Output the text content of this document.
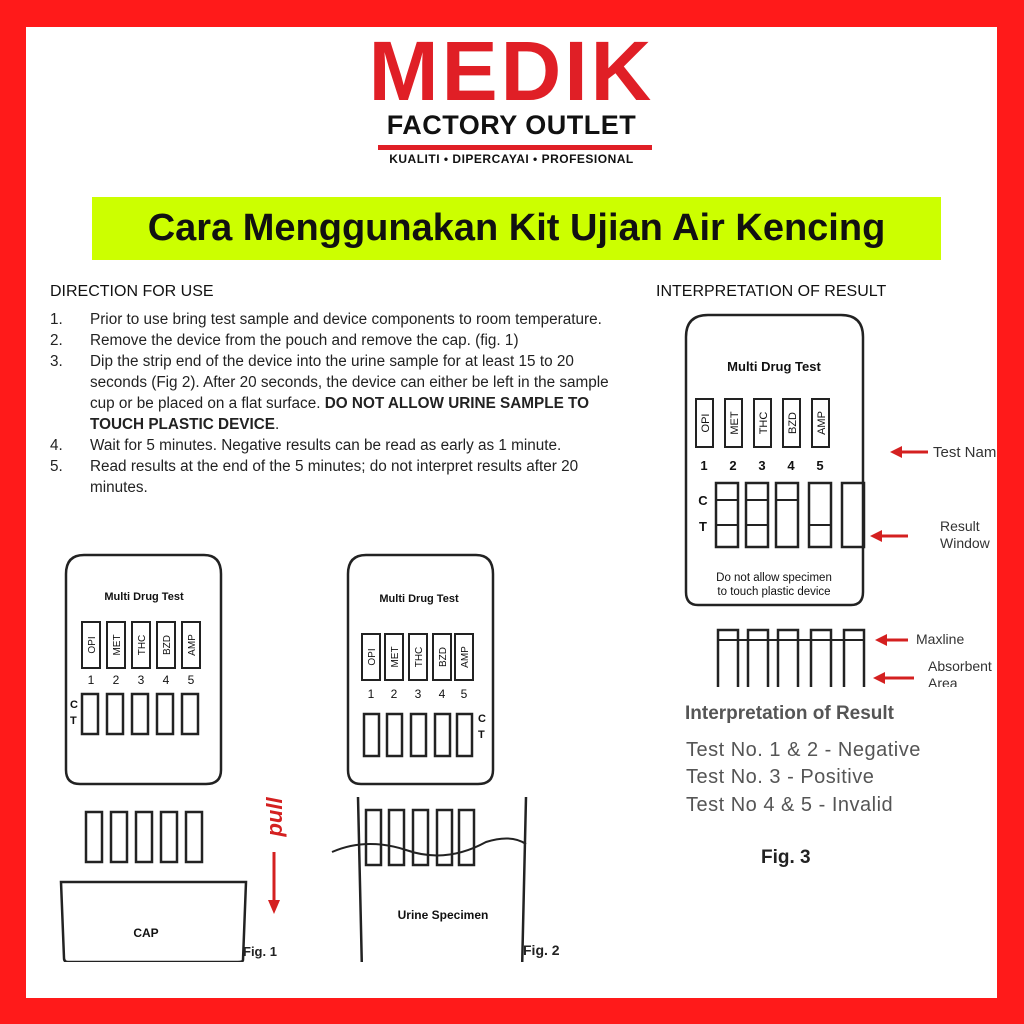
MEDIK
FACTORY OUTLET
KUALITI • DIPERCAYAI • PROFESIONAL
Cara Menggunakan Kit Ujian Air Kencing
DIRECTION FOR USE
1.	Prior to use bring test sample and device components to room temperature.
2.	Remove the device from the pouch and remove the cap. (fig. 1)
3.	Dip the strip end of the device into the urine sample for at least 15 to 20 seconds (Fig 2). After 20 seconds, the device can either be left in the sample cup or be placed on a flat surface. DO NOT ALLOW URINE SAMPLE TO TOUCH PLASTIC DEVICE.
4.	Wait for 5 minutes. Negative results can be read as early as 1 minute.
5.	Read results at the end of the 5 minutes; do not interpret results after 20 minutes.
INTERPRETATION OF RESULT
Multi Drug Test
OPI MET THC BZD AMP
1 2 3 4 5
C
T
Do not allow specimen
to touch plastic device
Test Name
Result
Window
Maxline
Absorbent
Area
Interpretation of Result
Test No. 1 & 2 - Negative
Test No. 3 - Positive
Test No 4 & 5 - Invalid
Fig. 3
Multi Drug Test
OPI MET THC BZD AMP
1 2 3 4 5
C
T
CAP
pull
Fig. 1
Multi Drug Test
OPI MET THC BZD AMP
1 2 3 4 5
C
T
Urine Specimen
Fig. 2
